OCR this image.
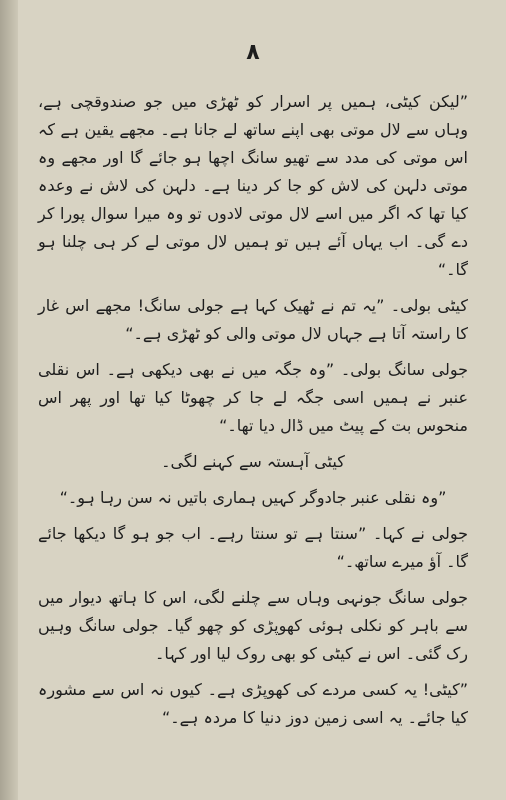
۸

”لیکن کیٹی، ہمیں پر اسرار کو ٹھڑی میں جو صندوقچی ہے، وہاں سے لال موتی بھی اپنے ساتھ لے جانا ہے۔ مجھے یقین ہے کہ اس موتی کی مدد سے تھیو سانگ اچھا ہو جائے گا اور مجھے وہ موتی دلہن کی لاش کو جا کر دینا ہے۔ دلہن کی لاش نے وعدہ کیا تھا کہ اگر میں اسے لال موتی لادوں تو وہ میرا سوال پورا کر دے گی۔ اب یہاں آئے ہیں تو ہمیں لال موتی لے کر ہی چلنا ہو گا۔“

کیٹی بولی۔ ”یہ تم نے ٹھیک کہا ہے جولی سانگ! مجھے اس غار کا راستہ آتا ہے جہاں لال موتی والی کو ٹھڑی ہے۔“

جولی سانگ بولی۔ ”وہ جگہ میں نے بھی دیکھی ہے۔ اس نقلی عنبر نے ہمیں اسی جگہ لے جا کر چھوٹا کیا تھا اور پھر اس منحوس بت کے پیٹ میں ڈال دیا تھا۔“

کیٹی آہستہ سے کہنے لگی۔

”وہ نقلی عنبر جادوگر کہیں ہماری باتیں نہ سن رہا ہو۔“

جولی نے کہا۔ ”سنتا ہے تو سنتا رہے۔ اب جو ہو گا دیکھا جائے گا۔ آؤ میرے ساتھ۔“

جولی سانگ جونہی وہاں سے چلنے لگی، اس کا ہاتھ دیوار میں سے باہر کو نکلی ہوئی کھوپڑی کو چھو گیا۔ جولی سانگ وہیں رک گئی۔ اس نے کیٹی کو بھی روک لیا اور کہا۔

”کیٹی! یہ کسی مردے کی کھوپڑی ہے۔ کیوں نہ اس سے مشورہ کیا جائے۔ یہ اسی زمین دوز دنیا کا مردہ ہے۔“
